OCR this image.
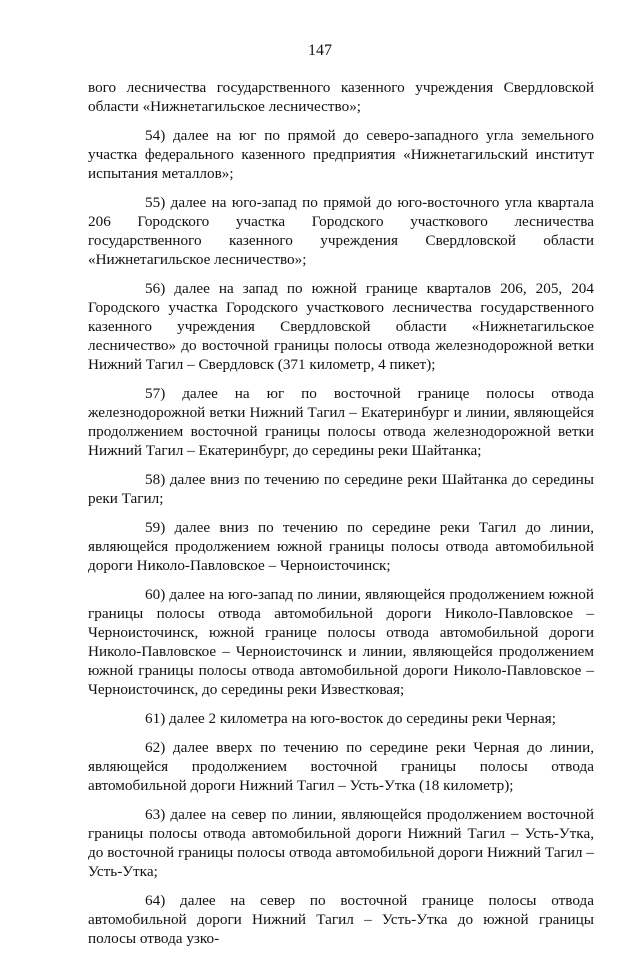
147

вого лесничества государственного казенного учреждения Свердловской области «Нижнетагильское лесничество»;

54) далее на юг по прямой до северо-западного угла земельного участка федерального казенного предприятия «Нижнетагильский институт испытания металлов»;

55) далее на юго-запад по прямой до юго-восточного угла квартала 206 Городского участка Городского участкового лесничества государственного казенного учреждения Свердловской области «Нижнетагильское лесничество»;

56) далее на запад по южной границе кварталов 206, 205, 204 Городского участка Городского участкового лесничества государственного казенного учреждения Свердловской области «Нижнетагильское лесничество» до восточной границы полосы отвода железнодорожной ветки Нижний Тагил – Свердловск (371 километр, 4 пикет);

57) далее на юг по восточной границе полосы отвода железнодорожной ветки Нижний Тагил – Екатеринбург и линии, являющейся продолжением восточной границы полосы отвода железнодорожной ветки Нижний Тагил – Екатеринбург, до середины реки Шайтанка;

58) далее вниз по течению по середине реки Шайтанка до середины реки Тагил;

59) далее вниз по течению по середине реки Тагил до линии, являющейся продолжением южной границы полосы отвода автомобильной дороги Николо-Павловское – Черноисточинск;

60) далее на юго-запад по линии, являющейся продолжением южной границы полосы отвода автомобильной дороги Николо-Павловское – Черноисточинск, южной границе полосы отвода автомобильной дороги Николо-Павловское – Черноисточинск и линии, являющейся продолжением южной границы полосы отвода автомобильной дороги Николо-Павловское – Черноисточинск, до середины реки Известковая;

61) далее 2 километра на юго-восток до середины реки Черная;

62) далее вверх по течению по середине реки Черная до линии, являющейся продолжением восточной границы полосы отвода автомобильной дороги Нижний Тагил – Усть-Утка (18 километр);

63) далее на север по линии, являющейся продолжением восточной границы полосы отвода автомобильной дороги Нижний Тагил – Усть-Утка, до восточной границы полосы отвода автомобильной дороги Нижний Тагил – Усть-Утка;

64) далее на север по восточной границе полосы отвода автомобильной дороги Нижний Тагил – Усть-Утка до южной границы полосы отвода узко-
